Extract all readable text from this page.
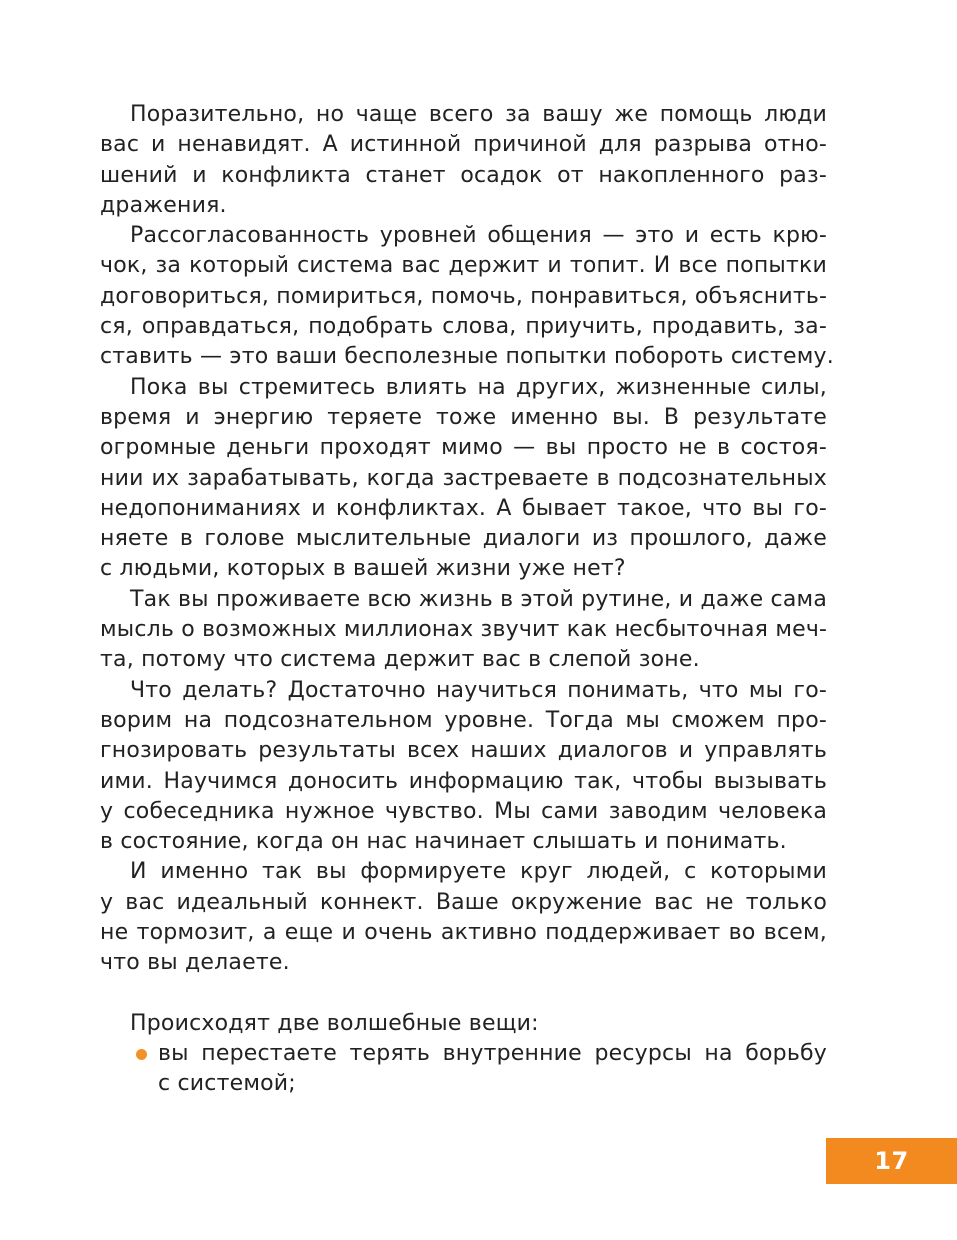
Поразительно, но чаще всего за вашу же помощь люди
вас и ненавидят. А истинной причиной для разрыва отно-
шений и конфликта станет осадок от накопленного раз-
дражения.
Рассогласованность уровней общения — это и есть крю-
чок, за который система вас держит и топит. И все попытки
договориться, помириться, помочь, понравиться, объяснить-
ся, оправдаться, подобрать слова, приучить, продавить, за-
ставить — это ваши бесполезные попытки побороть систему.
Пока вы стремитесь влиять на других, жизненные силы,
время и энергию теряете тоже именно вы. В результате
огромные деньги проходят мимо — вы просто не в состоя-
нии их зарабатывать, когда застреваете в подсознательных
недопониманиях и конфликтах. А бывает такое, что вы го-
няете в голове мыслительные диалоги из прошлого, даже
с людьми, которых в вашей жизни уже нет?
Так вы проживаете всю жизнь в этой рутине, и даже сама
мысль о возможных миллионах звучит как несбыточная меч-
та, потому что система держит вас в слепой зоне.
Что делать? Достаточно научиться понимать, что мы го-
ворим на подсознательном уровне. Тогда мы сможем про-
гнозировать результаты всех наших диалогов и управлять
ими. Научимся доносить информацию так, чтобы вызывать
у собеседника нужное чувство. Мы сами заводим человека
в состояние, когда он нас начинает слышать и понимать.
И именно так вы формируете круг людей, с которыми
у вас идеальный коннект. Ваше окружение вас не только
не тормозит, а еще и очень активно поддерживает во всем,
что вы делаете.
Происходят две волшебные вещи:
вы перестаете терять внутренние ресурсы на борьбу
с системой;
17
